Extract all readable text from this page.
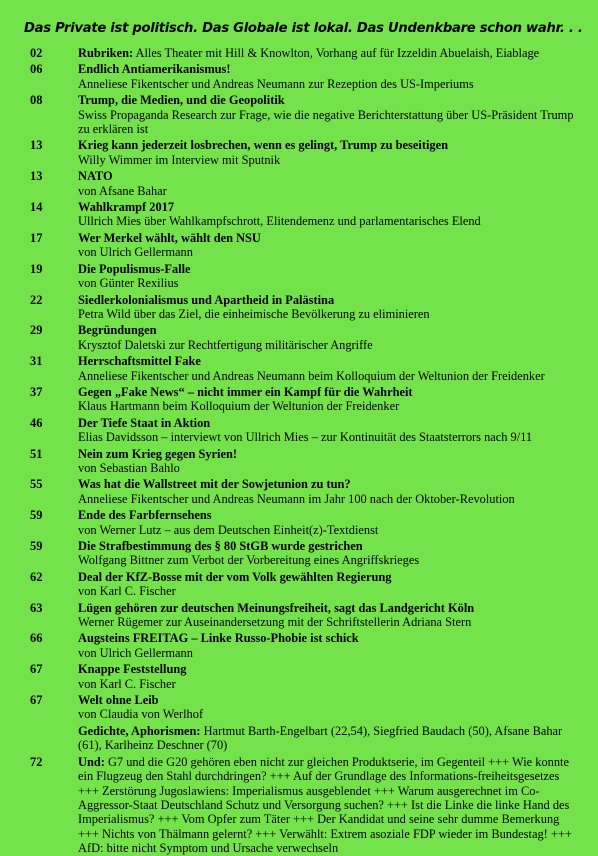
Das Private ist politisch. Das Globale ist lokal. Das Undenkbare schon wahr. . .
02	Rubriken: Alles Theater mit Hill & Knowlton, Vorhang auf für Izzeldin Abuelaish, Eiablage
06	Endlich Antiamerikanismus!
Anneliese Fikentscher und Andreas Neumann zur Rezeption des US-Imperiums
08	Trump, die Medien, und die Geopolitik
Swiss Propaganda Research zur Frage, wie die negative Berichterstattung über US-Präsident Trump zu erklären ist
13	Krieg kann jederzeit losbrechen, wenn es gelingt, Trump zu beseitigen
Willy Wimmer im Interview mit Sputnik
13	NATO
von Afsane Bahar
14	Wahlkrampf 2017
Ullrich Mies über Wahlkampfschrott, Elitendemenz und parlamentarisches Elend
17	Wer Merkel wählt, wählt den NSU
von Ulrich Gellermann
19	Die Populismus-Falle
von Günter Rexilius
22	Siedlerkolonialismus und Apartheid in Palästina
Petra Wild über das Ziel, die einheimische Bevölkerung zu eliminieren
29	Begründungen
Krysztof Daletski zur Rechtfertigung militärischer Angriffe
31	Herrschaftsmittel Fake
Anneliese Fikentscher und Andreas Neumann beim Kolloquium der Weltunion der Freidenker
37	Gegen „Fake News“ – nicht immer ein Kampf für die Wahrheit
Klaus Hartmann beim Kolloquium der Weltunion der Freidenker
46	Der Tiefe Staat in Aktion
Elias Davidsson – interviewt von Ullrich Mies – zur Kontinuität des Staatsterrors nach 9/11
51	Nein zum Krieg gegen Syrien!
von Sebastian Bahlo
55	Was hat die Wallstreet mit der Sowjetunion zu tun?
Anneliese Fikentscher und Andreas Neumann im Jahr 100 nach der Oktober-Revolution
59	Ende des Farbfernsehens
von Werner Lutz – aus dem Deutschen Einheit(z)-Textdienst
59	Die Strafbestimmung des § 80 StGB wurde gestrichen
Wolfgang Bittner zum Verbot der Vorbereitung eines Angriffskrieges
62	Deal der KfZ-Bosse mit der vom Volk gewählten Regierung
von Karl C. Fischer
63	Lügen gehören zur deutschen Meinungsfreiheit, sagt das Landgericht Köln
Werner Rügemer zur Auseinandersetzung mit der Schriftstellerin Adriana Stern
66	Augsteins FREITAG – Linke Russo-Phobie ist schick
von Ulrich Gellermann
67	Knappe Feststellung
von Karl C. Fischer
67	Welt ohne Leib
von Claudia von Werlhof
Gedichte, Aphorismen: Hartmut Barth-Engelbart (22,54), Siegfried Baudach (50), Afsane Bahar (61), Karlheinz Deschner (70)
72	Und: G7 und die G20 gehören eben nicht zur gleichen Produktserie, im Gegenteil +++ Wie konnte ein Flugzeug den Stahl durchdringen? +++ Auf der Grundlage des Informations-freiheitsgesetzes +++ Zerstörung Jugoslawiens: Imperialismus ausgeblendet +++ Warum ausgerechnet im Co-Aggressor-Staat Deutschland Schutz und Versorgung suchen? +++ Ist die Linke die linke Hand des Imperialismus? +++ Vom Opfer zum Täter +++ Der Kandidat und seine sehr dumme Bemerkung +++ Nichts von Thälmann gelernt? +++ Verwählt: Extrem asoziale FDP wieder im Bundestag! +++ AfD: bitte nicht Symptom und Ursache verwechseln
